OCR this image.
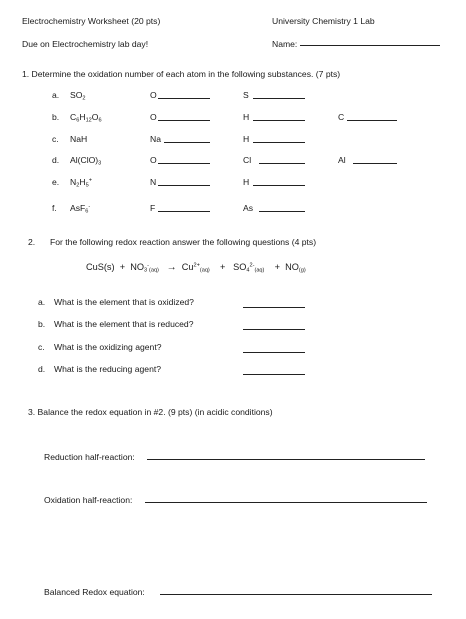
Electrochemistry Worksheet (20 pts)	University Chemistry 1 Lab
Due on Electrochemistry lab day!	Name:
1. Determine the oxidation number of each atom in the following substances. (7 pts)
a. $SO_2$	O	S
b. $C_6H_{12}O_6$	O	H	C
c. NaH	Na	H
d. $Al(ClO)_3$	O	Cl	Al
e. $N_2H_5^+$	N	H
f. AsF$_6$-	F	As
2. For the following redox reaction answer the following questions (4 pts)
$CuS(s) + NO_3^-_{(aq)} \to Cu^{2+}_{(aq)} + SO_4^{2-}_{(aq)} + NO_{(g)}$
a. What is the element that is oxidized?
b. What is the element that is reduced?
c. What is the oxidizing agent?
d. What is the reducing agent?
3. Balance the redox equation in #2. (9 pts) (in acidic conditions)
Reduction half-reaction:
Oxidation half-reaction:
Balanced Redox equation:
